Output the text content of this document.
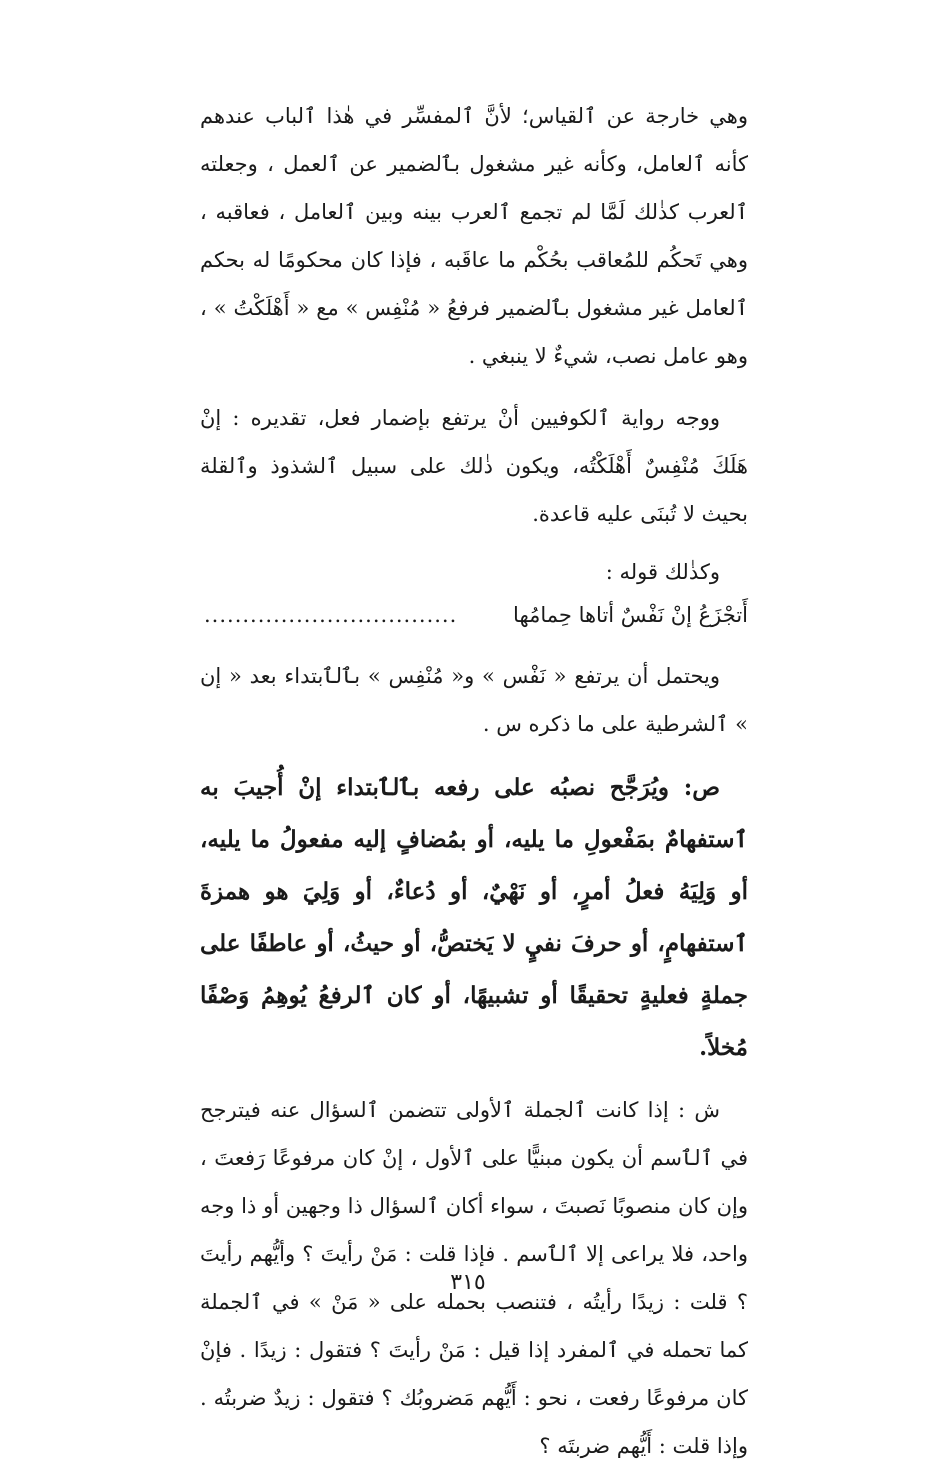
وهي خارجة عن ٱلقياس؛ لأنَّ ٱلمفسِّر في هٰذا ٱلباب عندهم كأنه ٱلعامل، وكأنه غير مشغول بٱلضمير عن ٱلعمل ، وجعلته ٱلعرب كذٰلك لَمَّا لم تجمع ٱلعرب بينه وبين ٱلعامل ، فعاقبه ، وهي تَحكُم للمُعاقب بحُكْم ما عاقَبه ، فإذا كان محكومًا له بحكم ٱلعامل غير مشغول بٱلضمير فرفعُ « مُنْفِس » مع « أَهْلَكْتُ » ، وهو عامل نصب، شيءٌ لا ينبغي .

ووجه رواية ٱلكوفيين أنْ يرتفع بإضمار فعل، تقديره : إنْ هَلَكَ مُنْفِسٌ أَهْلَكْتُه، ويكون ذٰلك على سبيل ٱلشذوذ وٱلقلة بحيث لا تُبنَى عليه قاعدة.

وكذٰلك قوله :

أَتجْزَعُ إنْ نَفْسٌ أتاها حِمامُها
.................................

ويحتمل أن يرتفع « نَفْس » و« مُنْفِس » بٱلٱبتداء بعد « إن » ٱلشرطية على ما ذكره س .

ص: ويُرَجَّح نصبُه على رفعه بٱلٱبتداء إنْ أُجيبَ به ٱستفهامٌ بمَفْعولِ ما يليه، أو بمُضافٍ إليه مفعولُ ما يليه، أو وَلِيَهُ فعلُ أمرٍ، أو نَهْيٌ، أو دُعاءٌ، أو وَلِيَ هو همزةَ ٱستفهامٍ، أو حرفَ نفيٍ لا يَختصُّ، أو حيثُ، أو عاطفًا على جملةٍ فعليةٍ تحقيقًا أو تشبيهًا، أو كان ٱلرفعُ يُوهِمُ وَصْفًا مُخلاً.

ش : إذا كانت ٱلجملة ٱلأولى تتضمن ٱلسؤال عنه فيترجح في ٱلٱسم أن يكون مبنيًّا على ٱلأول ، إنْ كان مرفوعًا رَفعتَ ، وإن كان منصوبًا نَصبتَ ، سواء أكان ٱلسؤال ذا وجهين أو ذا وجه واحد، فلا يراعى إلا ٱلٱسم . فإذا قلت : مَنْ رأيتَ ؟ وأيُّهم رأيتَ ؟ قلت : زيدًا رأيتُه ، فتنصب بحمله على « مَنْ » في ٱلجملة كما تحمله في ٱلمفرد إذا قيل : مَنْ رأيتَ ؟ فتقول : زيدًا . فإنْ كان مرفوعًا رفعت ، نحو : أَيُّهم مَضروبُك ؟ فتقول : زيدٌ ضربتُه . وإذا قلت : أَيُّهم ضربتَه ؟

٣١٥
